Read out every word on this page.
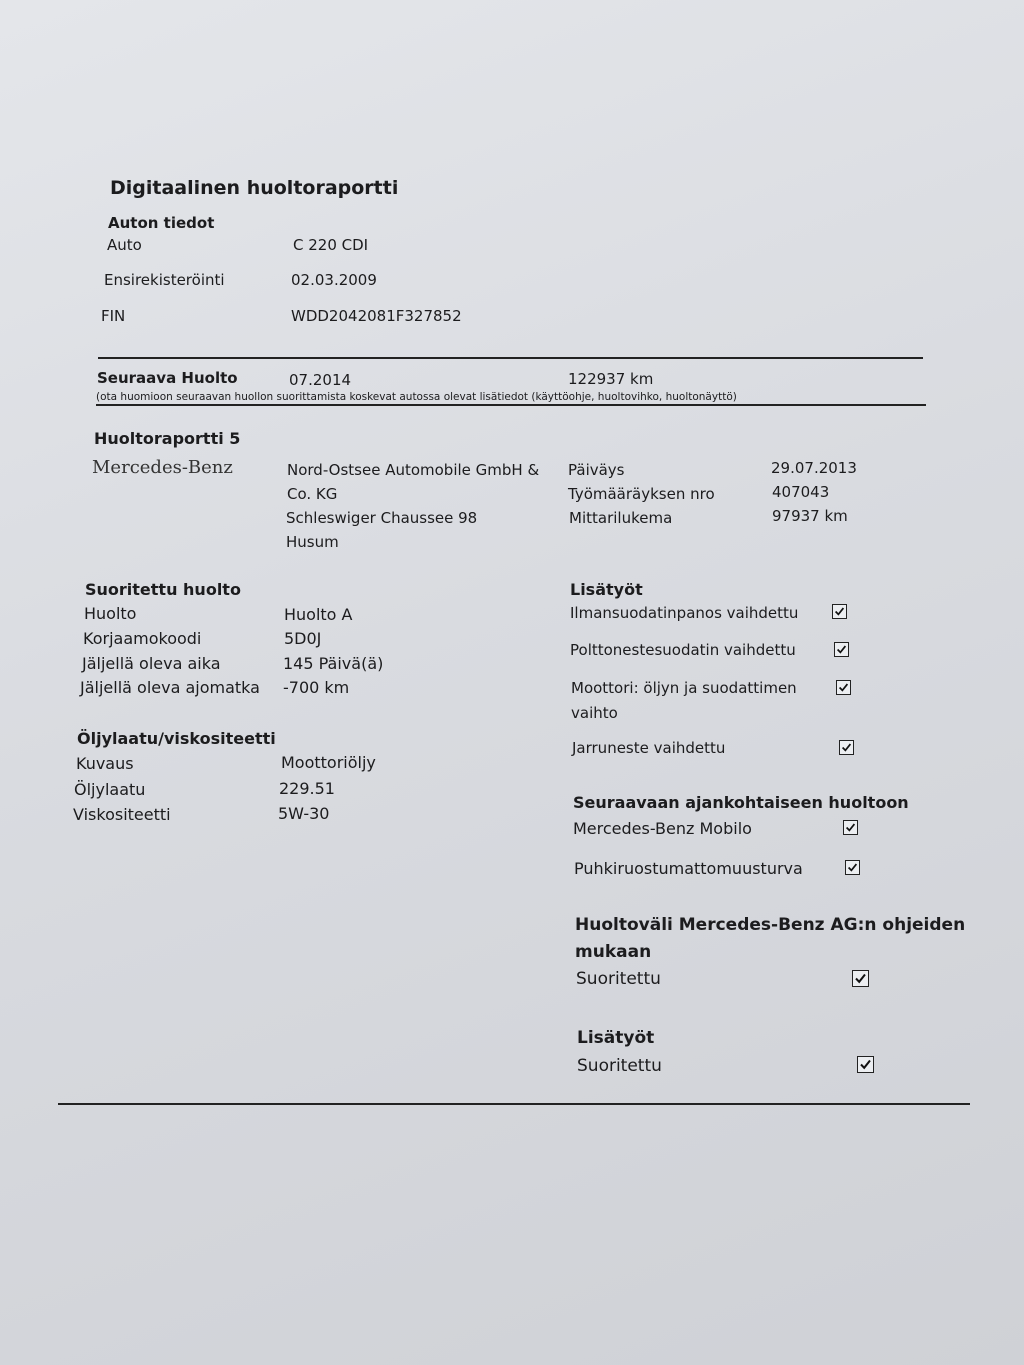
Digitaalinen huoltoraportti
Auton tiedot
Auto	C 220 CDI
Ensirekisteröinti	02.03.2009
FIN	WDD2042081F327852
Seuraava Huolto	07.2014	122937 km
(ota huomioon seuraavan huollon suorittamista koskevat autossa olevat lisätiedot (käyttöohje, huoltovihko, huoltonäyttö)
Huoltoraportti 5
Mercedes-Benz	Nord-Ostsee Automobile GmbH &
Co. KG
Schleswiger Chaussee 98
Husum
Päiväys	29.07.2013
Työmääräyksen nro	407043
Mittarilukema	97937 km
Suoritettu huolto
Huolto	Huolto A
Korjaamokoodi	5D0J
Jäljellä oleva aika	145 Päivä(ä)
Jäljellä oleva ajomatka -700 km
Öljylaatu/viskositeetti
Kuvaus	Moottoriöljy
Öljylaatu	229.51
Viskositeetti	5W-30
Lisätyöt
Ilmansuodatinpanos vaihdettu
Polttonestesuodatin vaihdettu
Moottori: öljyn ja suodattimen
vaihto
Jarruneste vaihdettu
Seuraavaan ajankohtaiseen huoltoon
Mercedes-Benz Mobilo
Puhkiruostumattomuusturva
Huoltoväli Mercedes-Benz AG:n ohjeiden
mukaan
Suoritettu
Lisätyöt
Suoritettu
